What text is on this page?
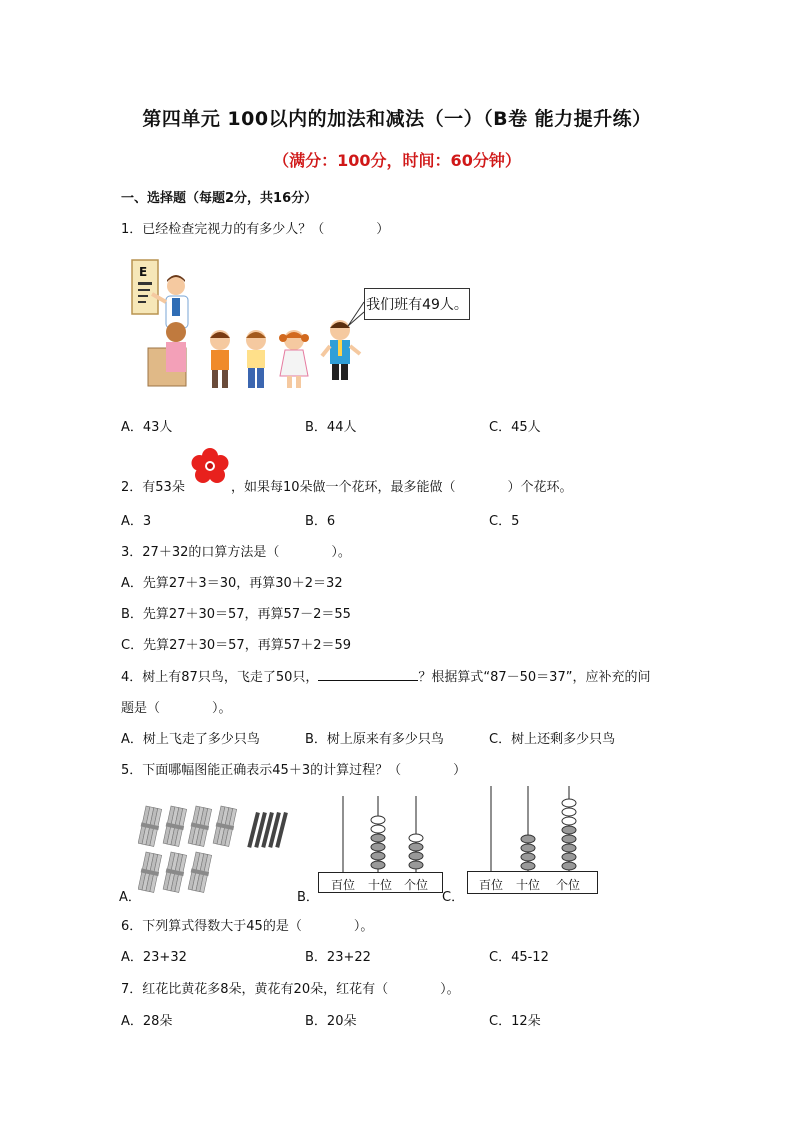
第四单元 100以内的加法和减法（一）（B卷 能力提升练）
（满分：100分，时间：60分钟）
一、选择题（每题2分，共16分）
1．已经检查完视力的有多少人？（　　　　）
E
我们班有49人。
A．43人	B．44人	C．45人
2．有53朵	，如果每10朵做一个花环，最多能做（　　　　）个花环。
A．3	B．6	C．5
3．27＋32的口算方法是（　　　　）。
A．先算27＋3＝30，再算30＋2＝32
B．先算27＋30＝57，再算57－2＝55
C．先算27＋30＝57，再算57＋2＝59
4．树上有87只鸟，飞走了50只，	？根据算式“87－50＝37”，应补充的问
题是（　　　　）。
A．树上飞走了多少只鸟	B．树上原来有多少只鸟	C．树上还剩多少只鸟
5．下面哪幅图能正确表示45＋3的计算过程？（　　　　）
A．	B．
百位 十位 个位
C．
百位 十位 个位
6．下列算式得数大于45的是（　　　　）。
A．23+32	B．23+22	C．45-12
7．红花比黄花多8朵，黄花有20朵，红花有（　　　　）。
A．28朵	B．20朵	C．12朵
